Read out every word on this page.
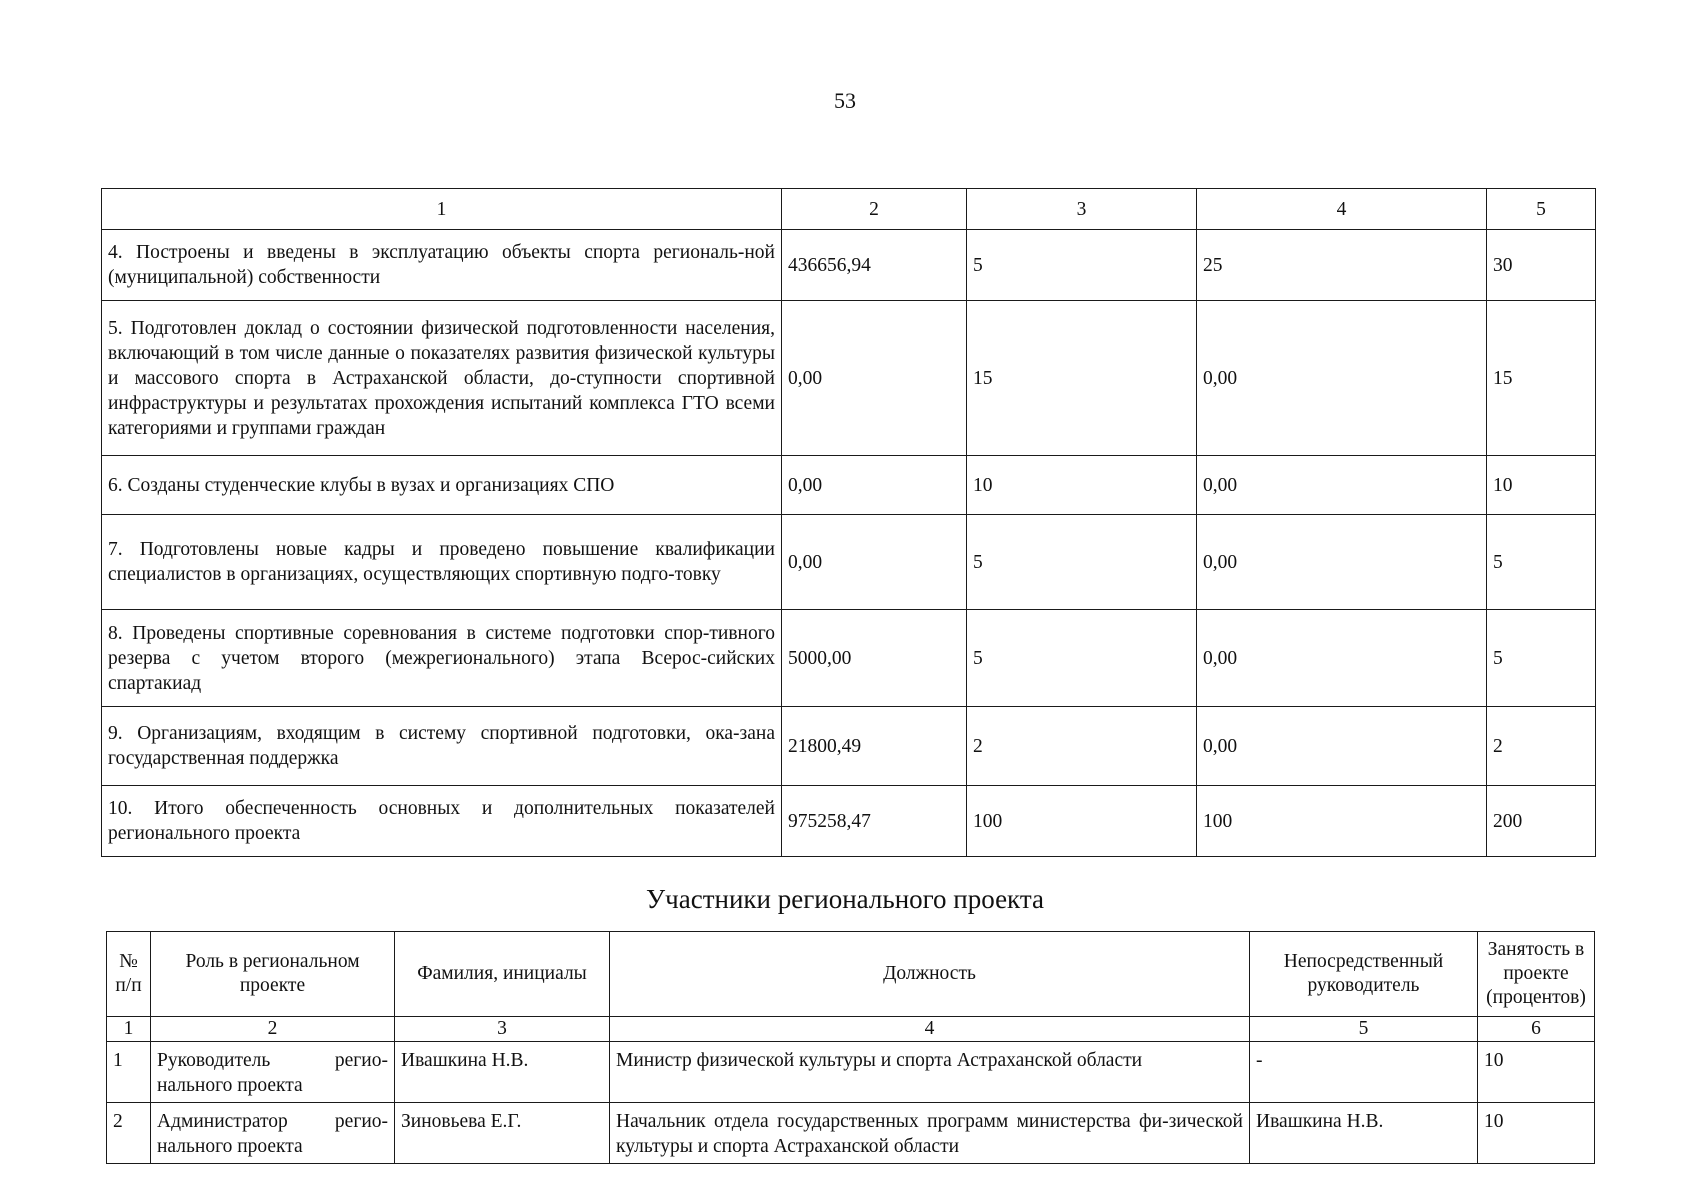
53
1	2	3	4	5
4. Построены и введены в эксплуатацию объекты спорта региональ-ной (муниципальной) собственности	436656,94	5	25	30
5. Подготовлен доклад о состоянии физической подготовленности населения, включающий в том числе данные о показателях развития физической культуры и массового спорта в Астраханской области, до-ступности спортивной инфраструктуры и результатах прохождения испытаний комплекса ГТО всеми категориями и группами граждан	0,00	15	0,00	15
6. Созданы студенческие клубы в вузах и организациях СПО	0,00	10	0,00	10
7. Подготовлены новые кадры и проведено повышение квалификации специалистов в организациях, осуществляющих спортивную подго-товку	0,00	5	0,00	5
8. Проведены спортивные соревнования в системе подготовки спор-тивного резерва с учетом второго (межрегионального) этапа Всерос-сийских спартакиад	5000,00	5	0,00	5
9. Организациям, входящим в систему спортивной подготовки, ока-зана государственная поддержка	21800,49	2	0,00	2
10. Итого обеспеченность основных и дополнительных показателей регионального проекта	975258,47	100	100	200
Участники регионального проекта
№ п/п	Роль в региональном проекте	Фамилия, инициалы	Должность	Непосредственный руководитель	Занятость в проекте (процентов)
1	2	3	4	5	6
1	Руководитель регио-нального проекта	Ивашкина Н.В.	Министр физической культуры и спорта Астраханской области	-	10
2	Администратор регио-нального проекта	Зиновьева Е.Г.	Начальник отдела государственных программ министерства фи-зической культуры и спорта Астраханской области	Ивашкина Н.В.	10
